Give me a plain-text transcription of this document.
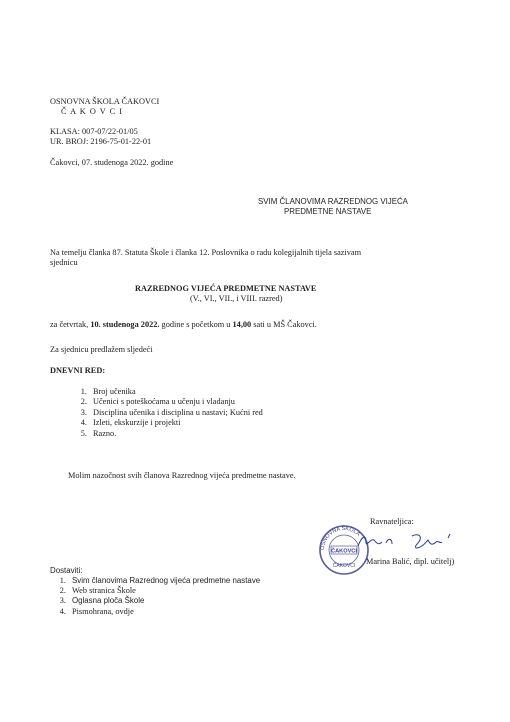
OSNOVNA ŠKOLA ČAKOVCI
Č A K O V C I
KLASA: 007-07/22-01/05
UR. BROJ: 2196-75-01-22-01
Čakovci, 07. studenoga 2022. godine
SVIM ČLANOVIMA RAZREDNOG VIJEĆA
PREDMETNE NASTAVE
Na temelju članka 87. Statuta Škole i članka 12. Poslovnika o radu kolegijalnih tijela sazivam
sjednicu
RAZREDNOG VIJEĆA PREDMETNE NASTAVE
(V., VI., VII., i VIII. razred)
za četvrtak, 10. studenoga 2022. godine s početkom u 14,00 sati u MŠ Čakovci.
Za sjednicu predlažem sljedeći
DNEVNI RED:
1. Broj učenika
2. Učenici s poteškoćama u učenju i vladanju
3. Disciplina učenika i disciplina u nastavi; Kućni red
4. Izleti, ekskurzije i projekti
5. Razno.
Molim nazočnost svih članova Razrednog vijeća predmetne nastave.
Ravnateljica:
OSNOVNA ŠKOLA
ČAKOVCI
ČAKOVCI Marina Balić, dipl. učitelj)
Dostaviti:
1. Svim članovima Razrednog vijeća predmetne nastave
2. Web stranica Škole
3. Oglasna ploča Škole
4. Pismohrana, ovdje
